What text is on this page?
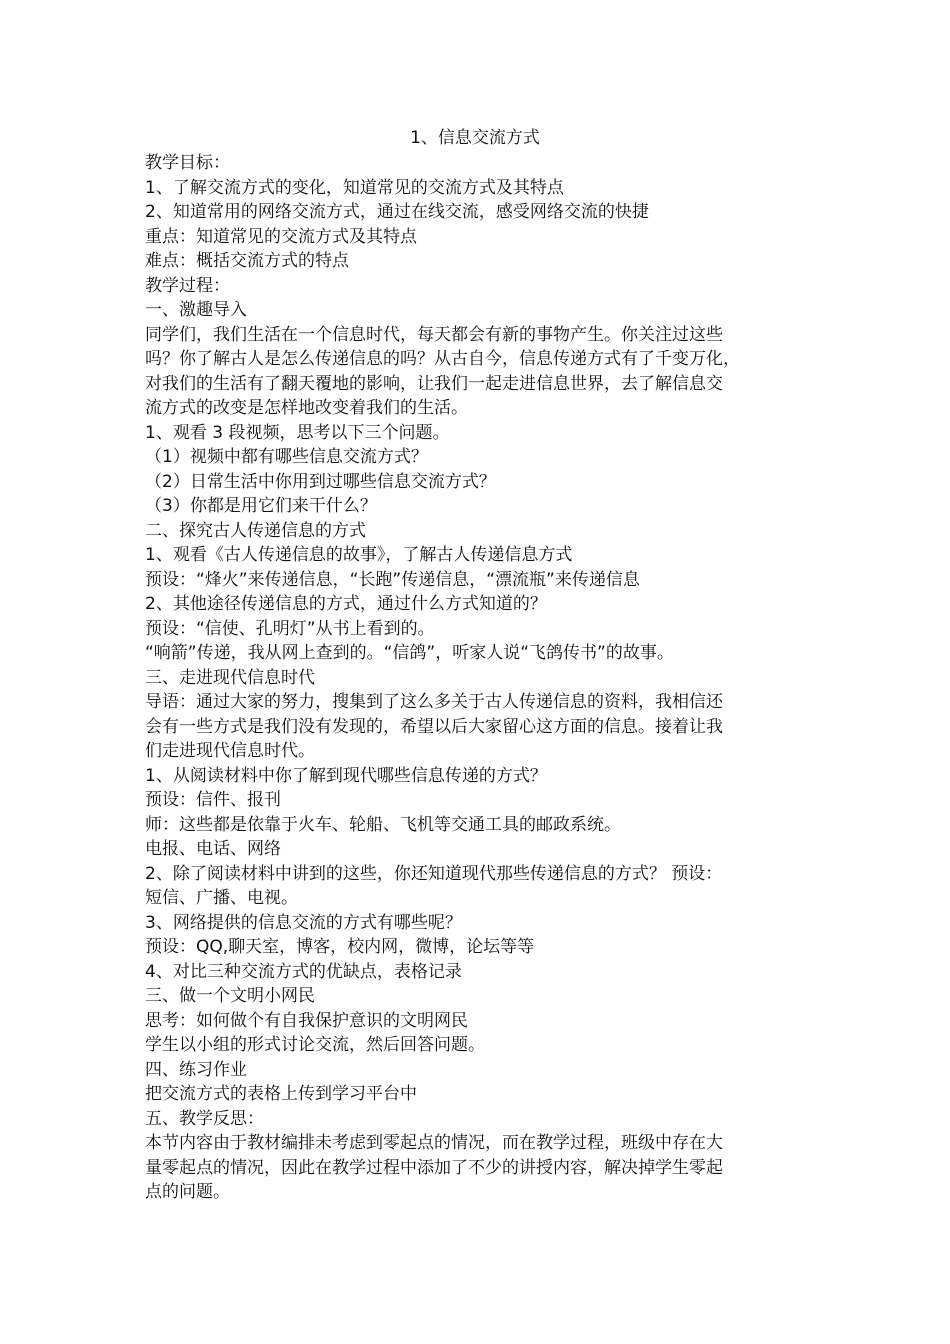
1、信息交流方式

教学目标：

1、了解交流方式的变化，知道常见的交流方式及其特点

2、知道常用的网络交流方式，通过在线交流，感受网络交流的快捷

重点：知道常见的交流方式及其特点

难点：概括交流方式的特点

教学过程：

一、激趣导入

同学们，我们生活在一个信息时代，每天都会有新的事物产生。你关注过这些

吗？你了解古人是怎么传递信息的吗？从古自今，信息传递方式有了千变万化，

对我们的生活有了翻天覆地的影响，让我们一起走进信息世界，去了解信息交

流方式的改变是怎样地改变着我们的生活。

1、观看 3 段视频，思考以下三个问题。

（1）视频中都有哪些信息交流方式？

（2）日常生活中你用到过哪些信息交流方式？

（3）你都是用它们来干什么？

二、探究古人传递信息的方式

1、观看《古人传递信息的故事》，了解古人传递信息方式

预设：“烽火”来传递信息，“长跑”传递信息，“漂流瓶”来传递信息

2、其他途径传递信息的方式，通过什么方式知道的？

预设：“信使、孔明灯”从书上看到的。

“响箭”传递，我从网上查到的。“信鸽”，听家人说“飞鸽传书”的故事。

三、走进现代信息时代

导语：通过大家的努力，搜集到了这么多关于古人传递信息的资料，我相信还

会有一些方式是我们没有发现的，希望以后大家留心这方面的信息。接着让我

们走进现代信息时代。

1、从阅读材料中你了解到现代哪些信息传递的方式？

预设：信件、报刊

师：这些都是依靠于火车、轮船、飞机等交通工具的邮政系统。

电报、电话、网络

2、除了阅读材料中讲到的这些，你还知道现代那些传递信息的方式？ 预设：

短信、广播、电视。

3、网络提供的信息交流的方式有哪些呢？

预设：QQ,聊天室，博客，校内网，微博，论坛等等

4、对比三种交流方式的优缺点，表格记录

三、做一个文明小网民

思考：如何做个有自我保护意识的文明网民

学生以小组的形式讨论交流，然后回答问题。

四、练习作业

把交流方式的表格上传到学习平台中

五、教学反思：

本节内容由于教材编排未考虑到零起点的情况，而在教学过程，班级中存在大

量零起点的情况，因此在教学过程中添加了不少的讲授内容，解决掉学生零起

点的问题。
